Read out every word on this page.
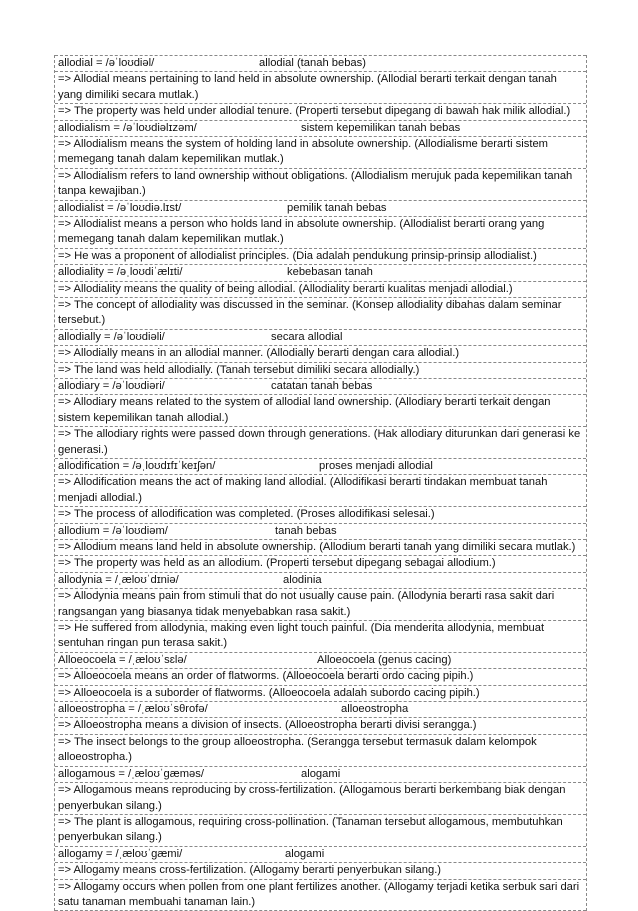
allodial = /əˈloʊdiəl/	allodial (tanah bebas)
=> Allodial means pertaining to land held in absolute ownership. (Allodial berarti terkait dengan tanah yang dimiliki secara mutlak.)
=> The property was held under allodial tenure. (Properti tersebut dipegang di bawah hak milik allodial.)
allodialism = /əˈloʊdiəlɪzəm/	sistem kepemilikan tanah bebas
=> Allodialism means the system of holding land in absolute ownership. (Allodialisme berarti sistem memegang tanah dalam kepemilikan mutlak.)
=> Allodialism refers to land ownership without obligations. (Allodialism merujuk pada kepemilikan tanah tanpa kewajiban.)
allodialist = /əˈloʊdiə.lɪst/	pemilik tanah bebas
=> Allodialist means a person who holds land in absolute ownership. (Allodialist berarti orang yang memegang tanah dalam kepemilikan mutlak.)
=> He was a proponent of allodialist principles. (Dia adalah pendukung prinsip-prinsip allodialist.)
allodiality = /əˌloʊdiˈælɪti/	kebebasan tanah
=> Allodiality means the quality of being allodial. (Allodiality berarti kualitas menjadi allodial.)
=> The concept of allodiality was discussed in the seminar. (Konsep allodiality dibahas dalam seminar tersebut.)
allodially = /əˈloʊdiəli/	secara allodial
=> Allodially means in an allodial manner. (Allodially berarti dengan cara allodial.)
=> The land was held allodially. (Tanah tersebut dimiliki secara allodially.)
allodiary = /əˈloʊdiəri/	catatan tanah bebas
=> Allodiary means related to the system of allodial land ownership. (Allodiary berarti terkait dengan sistem kepemilikan tanah allodial.)
=> The allodiary rights were passed down through generations. (Hak allodiary diturunkan dari generasi ke generasi.)
allodification = /əˌloʊdɪfɪˈkeɪʃən/	proses menjadi allodial
=> Allodification means the act of making land allodial. (Allodifikasi berarti tindakan membuat tanah menjadi allodial.)
=> The process of allodification was completed. (Proses allodifikasi selesai.)
allodium = /əˈloʊdiəm/	tanah bebas
=> Allodium means land held in absolute ownership. (Allodium berarti tanah yang dimiliki secara mutlak.)
=> The property was held as an allodium. (Properti tersebut dipegang sebagai allodium.)
allodynia = /ˌæloʊˈdɪniə/	alodinia
=> Allodynia means pain from stimuli that do not usually cause pain. (Allodynia berarti rasa sakit dari rangsangan yang biasanya tidak menyebabkan rasa sakit.)
=> He suffered from allodynia, making even light touch painful. (Dia menderita allodynia, membuat sentuhan ringan pun terasa sakit.)
Alloeocoela = /ˌæloʊˈsɛlə/	Alloeocoela (genus cacing)
=> Alloeocoela means an order of flatworms. (Alloeocoela berarti ordo cacing pipih.)
=> Alloeocoela is a suborder of flatworms. (Alloeocoela adalah subordo cacing pipih.)
alloeostropha = /ˌæloʊˈsθrofə/	alloeostropha
=> Alloeostropha means a division of insects. (Alloeostropha berarti divisi serangga.)
=> The insect belongs to the group alloeostropha. (Serangga tersebut termasuk dalam kelompok alloeostropha.)
allogamous = /ˌæloʊˈgæməs/	alogami
=> Allogamous means reproducing by cross-fertilization. (Allogamous berarti berkembang biak dengan penyerbukan silang.)
=> The plant is allogamous, requiring cross-pollination. (Tanaman tersebut allogamous, membutuhkan penyerbukan silang.)
allogamy = /ˌæloʊˈgæmi/	alogami
=> Allogamy means cross-fertilization. (Allogamy berarti penyerbukan silang.)
=> Allogamy occurs when pollen from one plant fertilizes another. (Allogamy terjadi ketika serbuk sari dari satu tanaman membuahi tanaman lain.)
